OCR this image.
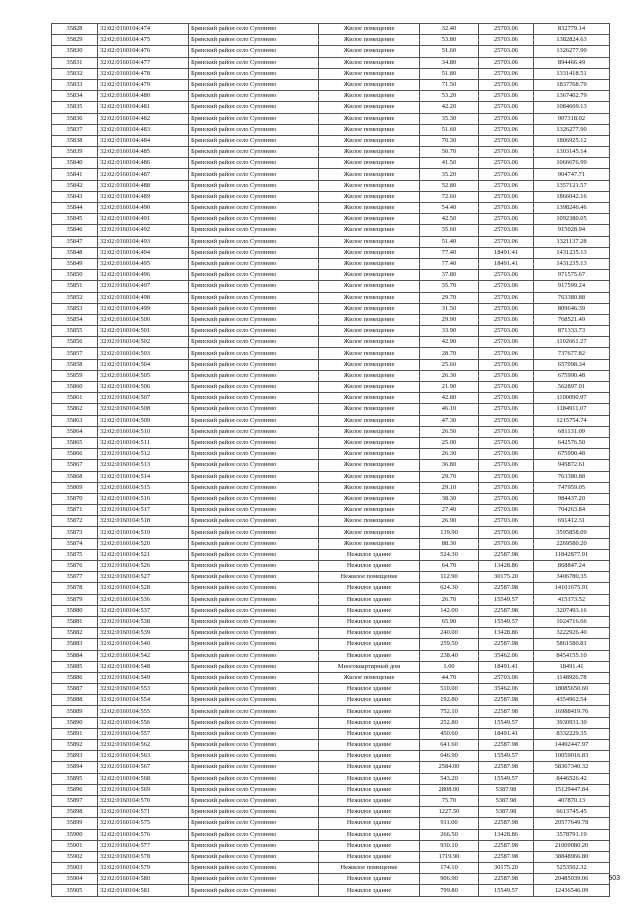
35828	32:02:0160104:474	Брянский район село Супонево	Жилое помещение	32.40	25703.06	832779.14
35829	32:02:0160104:475	Брянский район село Супонево	Жилое помещение	53.80	25703.06	1382824.63
35830	32:02:0160104:476	Брянский район село Супонево	Жилое помещение	51.60	25703.06	1326277.90
35831	32:02:0160104:477	Брянский район село Супонево	Жилое помещение	34.80	25703.06	894466.49
35832	32:02:0160104:478	Брянский район село Супонево	Жилое помещение	51.80	25703.06	1331418.51
35833	32:02:0160104:479	Брянский район село Супонево	Жилое помещение	71.50	25703.06	1837768.79
35834	32:02:0160104:480	Брянский район село Супонево	Жилое помещение	53.20	25703.06	1367402.79
35835	32:02:0160104:481	Брянский район село Супонево	Жилое помещение	42.20	25703.06	1084669.13
35836	32:02:0160104:482	Брянский район село Супонево	Жилое помещение	35.30	25703.06	907318.02
35837	32:02:0160104:483	Брянский район село Супонево	Жилое помещение	51.60	25703.06	1326277.90
35838	32:02:0160104:484	Брянский район село Супонево	Жилое помещение	70.30	25703.06	1806925.12
35839	32:02:0160104:485	Брянский район село Супонево	Жилое помещение	50.70	25703.06	1303145.14
35840	32:02:0160104:486	Брянский район село Супонево	Жилое помещение	41.50	25703.06	1066676.99
35841	32:02:0160104:487	Брянский район село Супонево	Жилое помещение	35.20	25703.06	904747.71
35842	32:02:0160104:488	Брянский район село Супонево	Жилое помещение	52.80	25703.06	1357121.57
35843	32:02:0160104:489	Брянский район село Супонево	Жилое помещение	72.60	25703.06	1866042.16
35844	32:02:0160104:490	Брянский район село Супонево	Жилое помещение	54.40	25703.06	1398246.46
35845	32:02:0160104:491	Брянский район село Супонево	Жилое помещение	42.50	25703.06	1092380.05
35846	32:02:0160104:492	Брянский район село Супонево	Жилое помещение	35.60	25703.06	915028.94
35847	32:02:0160104:493	Брянский район село Супонево	Жилое помещение	51.40	25703.06	1321137.28
35848	32:02:0160104:494	Брянский район село Супонево	Жилое помещение	77.40	18491.41	1431235.13
35849	32:02:0160104:495	Брянский район село Супонево	Жилое помещение	77.40	18491.41	1431235.13
35850	32:02:0160104:496	Брянский район село Супонево	Жилое помещение	37.80	25703.06	971575.67
35851	32:02:0160104:497	Брянский район село Супонево	Жилое помещение	35.70	25703.06	917599.24
35852	32:02:0160104:498	Брянский район село Супонево	Жилое помещение	29.70	25703.06	763380.88
35853	32:02:0160104:499	Брянский район село Супонево	Жилое помещение	31.50	25703.06	809646.39
35854	32:02:0160104:500	Брянский район село Супонево	Жилое помещение	29.90	25703.06	768521.49
35855	32:02:0160104:501	Брянский район село Супонево	Жилое помещение	33.90	25703.06	871333.73
35856	32:02:0160104:502	Брянский район село Супонево	Жилое помещение	42.90	25703.06	1102661.27
35857	32:02:0160104:503	Брянский район село Супонево	Жилое помещение	28.70	25703.06	737677.82
35858	32:02:0160104:504	Брянский район село Супонево	Жилое помещение	25.60	25703.06	657998.34
35859	32:02:0160104:505	Брянский район село Супонево	Жилое помещение	26.30	25703.06	675990.48
35860	32:02:0160104:506	Брянский район село Супонево	Жилое помещение	21.90	25703.06	562897.01
35861	32:02:0160104:507	Брянский район село Супонево	Жилое помещение	42.80	25703.06	1100090.97
35862	32:02:0160104:508	Брянский район село Супонево	Жилое помещение	46.10	25703.06	1184911.07
35863	32:02:0160104:509	Брянский район село Супонево	Жилое помещение	47.30	25703.06	1215754.74
35864	32:02:0160104:510	Брянский район село Супонево	Жилое помещение	26.50	25703.06	681131.09
35865	32:02:0160104:511	Брянский район село Супонево	Жилое помещение	25.00	25703.06	642576.50
35866	32:02:0160104:512	Брянский район село Супонево	Жилое помещение	26.30	25703.06	675990.48
35867	32:02:0160104:513	Брянский район село Супонево	Жилое помещение	36.80	25703.06	945872.61
35868	32:02:0160104:514	Брянский район село Супонево	Жилое помещение	29.70	25703.06	763380.88
35869	32:02:0160104:515	Брянский район село Супонево	Жилое помещение	29.10	25703.06	747959.05
35870	32:02:0160104:516	Брянский район село Супонево	Жилое помещение	38.30	25703.06	984437.20
35871	32:02:0160104:517	Брянский район село Супонево	Жилое помещение	27.40	25703.06	704263.84
35872	32:02:0160104:518	Брянский район село Супонево	Жилое помещение	26.90	25703.06	691412.31
35873	32:02:0160104:519	Брянский район село Супонево	Жилое помещение	139.90	25703.06	3595858.09
35874	32:02:0160104:520	Брянский район село Супонево	Жилое помещение	88.30	25703.06	2269580.20
35875	32:02:0160104:521	Брянский район село Супонево	Нежилое здание	524.30	22587.98	11842877.91
35876	32:02:0160104:526	Брянский район село Супонево	Нежилое здание	64.70	13428.86	868847.24
35877	32:02:0160104:527	Брянский район село Супонево	Нежилое помещение	112.90	30175.20	3406780.35
35878	32:02:0160104:528	Брянский район село Супонево	Нежилое здание	624.30	22587.98	14101675.91
35879	32:02:0160104:536	Брянский район село Супонево	Нежилое здание	26.70	15549.57	415173.52
35880	32:02:0160104:537	Брянский район село Супонево	Нежилое здание	142.00	22587.98	3207493.16
35881	32:02:0160104:538	Брянский район село Супонево	Нежилое здание	65.90	15549.57	1024716.66
35882	32:02:0160104:539	Брянский район село Супонево	Нежилое здание	240.00	13428.86	3222926.40
35883	32:02:0160104:540	Брянский район село Супонево	Нежилое здание	259.50	22587.98	5861580.81
35884	32:02:0160104:542	Брянский район село Супонево	Нежилое здание	238.40	35462.06	8454155.10
35885	32:02:0160104:548	Брянский район село Супонево	Многоквартирный дом	1.00	18491.41	18491.41
35886	32:02:0160104:549	Брянский район село Супонево	Жилое помещение	44.70	25703.06	1148926.78
35887	32:02:0160104:553	Брянский район село Супонево	Нежилое здание	510.00	35462.06	18085650.60
35888	32:02:0160104:554	Брянский район село Супонево	Нежилое здание	192.80	22587.98	4354962.54
35889	32:02:0160104:555	Брянский район село Супонево	Нежилое здание	752.10	22587.98	16988419.76
35890	32:02:0160104:556	Брянский район село Супонево	Нежилое здание	252.80	15549.57	3930931.30
35891	32:02:0160104:557	Брянский район село Супонево	Нежилое здание	450.60	18491.41	8332229.35
35892	32:02:0160104:562	Брянский район село Супонево	Нежилое здание	641.60	22587.98	14492447.97
35893	32:02:0160104:563	Брянский район село Супонево	Нежилое здание	646.90	15549.57	10059016.83
35894	32:02:0160104:567	Брянский район село Супонево	Нежилое здание	2584.00	22587.98	58367340.32
35895	32:02:0160104:568	Брянский район село Супонево	Нежилое здание	543.20	15549.57	8446526.42
35896	32:02:0160104:569	Брянский район село Супонево	Нежилое здание	2808.00	5387.98	15129447.84
35897	32:02:0160104:570	Брянский район село Супонево	Нежилое здание	75.70	5387.98	407870.13
35898	32:02:0160104:571	Брянский район село Супонево	Нежилое здание	1227.50	5387.98	6613745.45
35899	32:02:0160104:575	Брянский район село Супонево	Нежилое здание	911.00	22587.98	20577649.78
35900	32:02:0160104:576	Брянский район село Супонево	Нежилое здание	266.50	13428.86	3578791.19
35901	32:02:0160104:577	Брянский район село Супонево	Нежилое здание	930.10	22587.98	21009080.20
35902	32:02:0160104:578	Брянский район село Супонево	Нежилое здание	1719.90	22587.98	38848966.80
35903	32:02:0160104:579	Брянский район село Супонево	Нежилое помещение	174.10	30175.20	5253502.32
35904	32:02:0160104:580	Брянский район село Супонево	Нежилое здание	906.90	22587.98	20485039.06
35905	32:02:0160104:581	Брянский район село Супонево	Нежилое здание	799.80	15549.57	12436546.09
503
